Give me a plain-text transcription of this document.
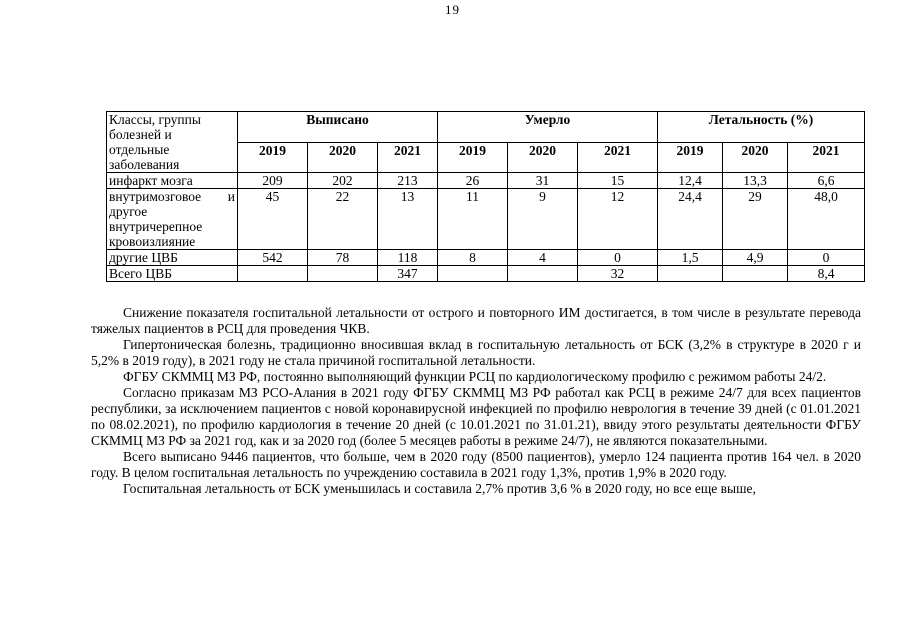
19
Классы, группы болезней и отдельные заболевания	Выписано			Умерло			Летальность (%)		
	2019	2020	2021	2019	2020	2021	2019	2020	2021
инфаркт мозга	209	202	213	26	31	15	12,4	13,3	6,6
внутримозговое и другое внутричерепное кровоизлияние	45	22	13	11	9	12	24,4	29	48,0
другие ЦВБ	542	78	118	8	4	0	1,5	4,9	0
Всего ЦВБ			347			32			8,4

Снижение показателя госпитальной летальности от острого и повторного ИМ достигается, в том числе в результате перевода тяжелых пациентов в РСЦ для проведения ЧКВ.

Гипертоническая болезнь, традиционно вносившая вклад в госпитальную летальность от БСК (3,2% в структуре в 2020 г и 5,2% в 2019 году), в 2021 году не стала причиной госпитальной летальности.

ФГБУ СКММЦ МЗ РФ, постоянно выполняющий функции РСЦ по кардиологическому профилю с режимом работы 24/2.

Согласно приказам МЗ РСО-Алания в 2021 году ФГБУ СКММЦ МЗ РФ работал как РСЦ в режиме 24/7 для всех пациентов республики, за исключением пациентов с новой коронавирусной инфекцией по профилю неврология в течение 39 дней (с 01.01.2021 по 08.02.2021), по профилю кардиология в течение 20 дней (с 10.01.2021 по 31.01.21), ввиду этого результаты деятельности ФГБУ СКММЦ МЗ РФ за 2021 год, как и за 2020 год (более 5 месяцев работы в режиме 24/7), не являются показательными.

Всего выписано 9446 пациентов, что больше, чем в 2020 году (8500 пациентов), умерло 124 пациента против 164 чел. в 2020 году. В целом госпитальная летальность по учреждению составила в 2021 году 1,3%, против 1,9% в 2020 году.

Госпитальная летальность от БСК уменьшилась и составила 2,7% против 3,6 % в 2020 году, но все еще выше,
